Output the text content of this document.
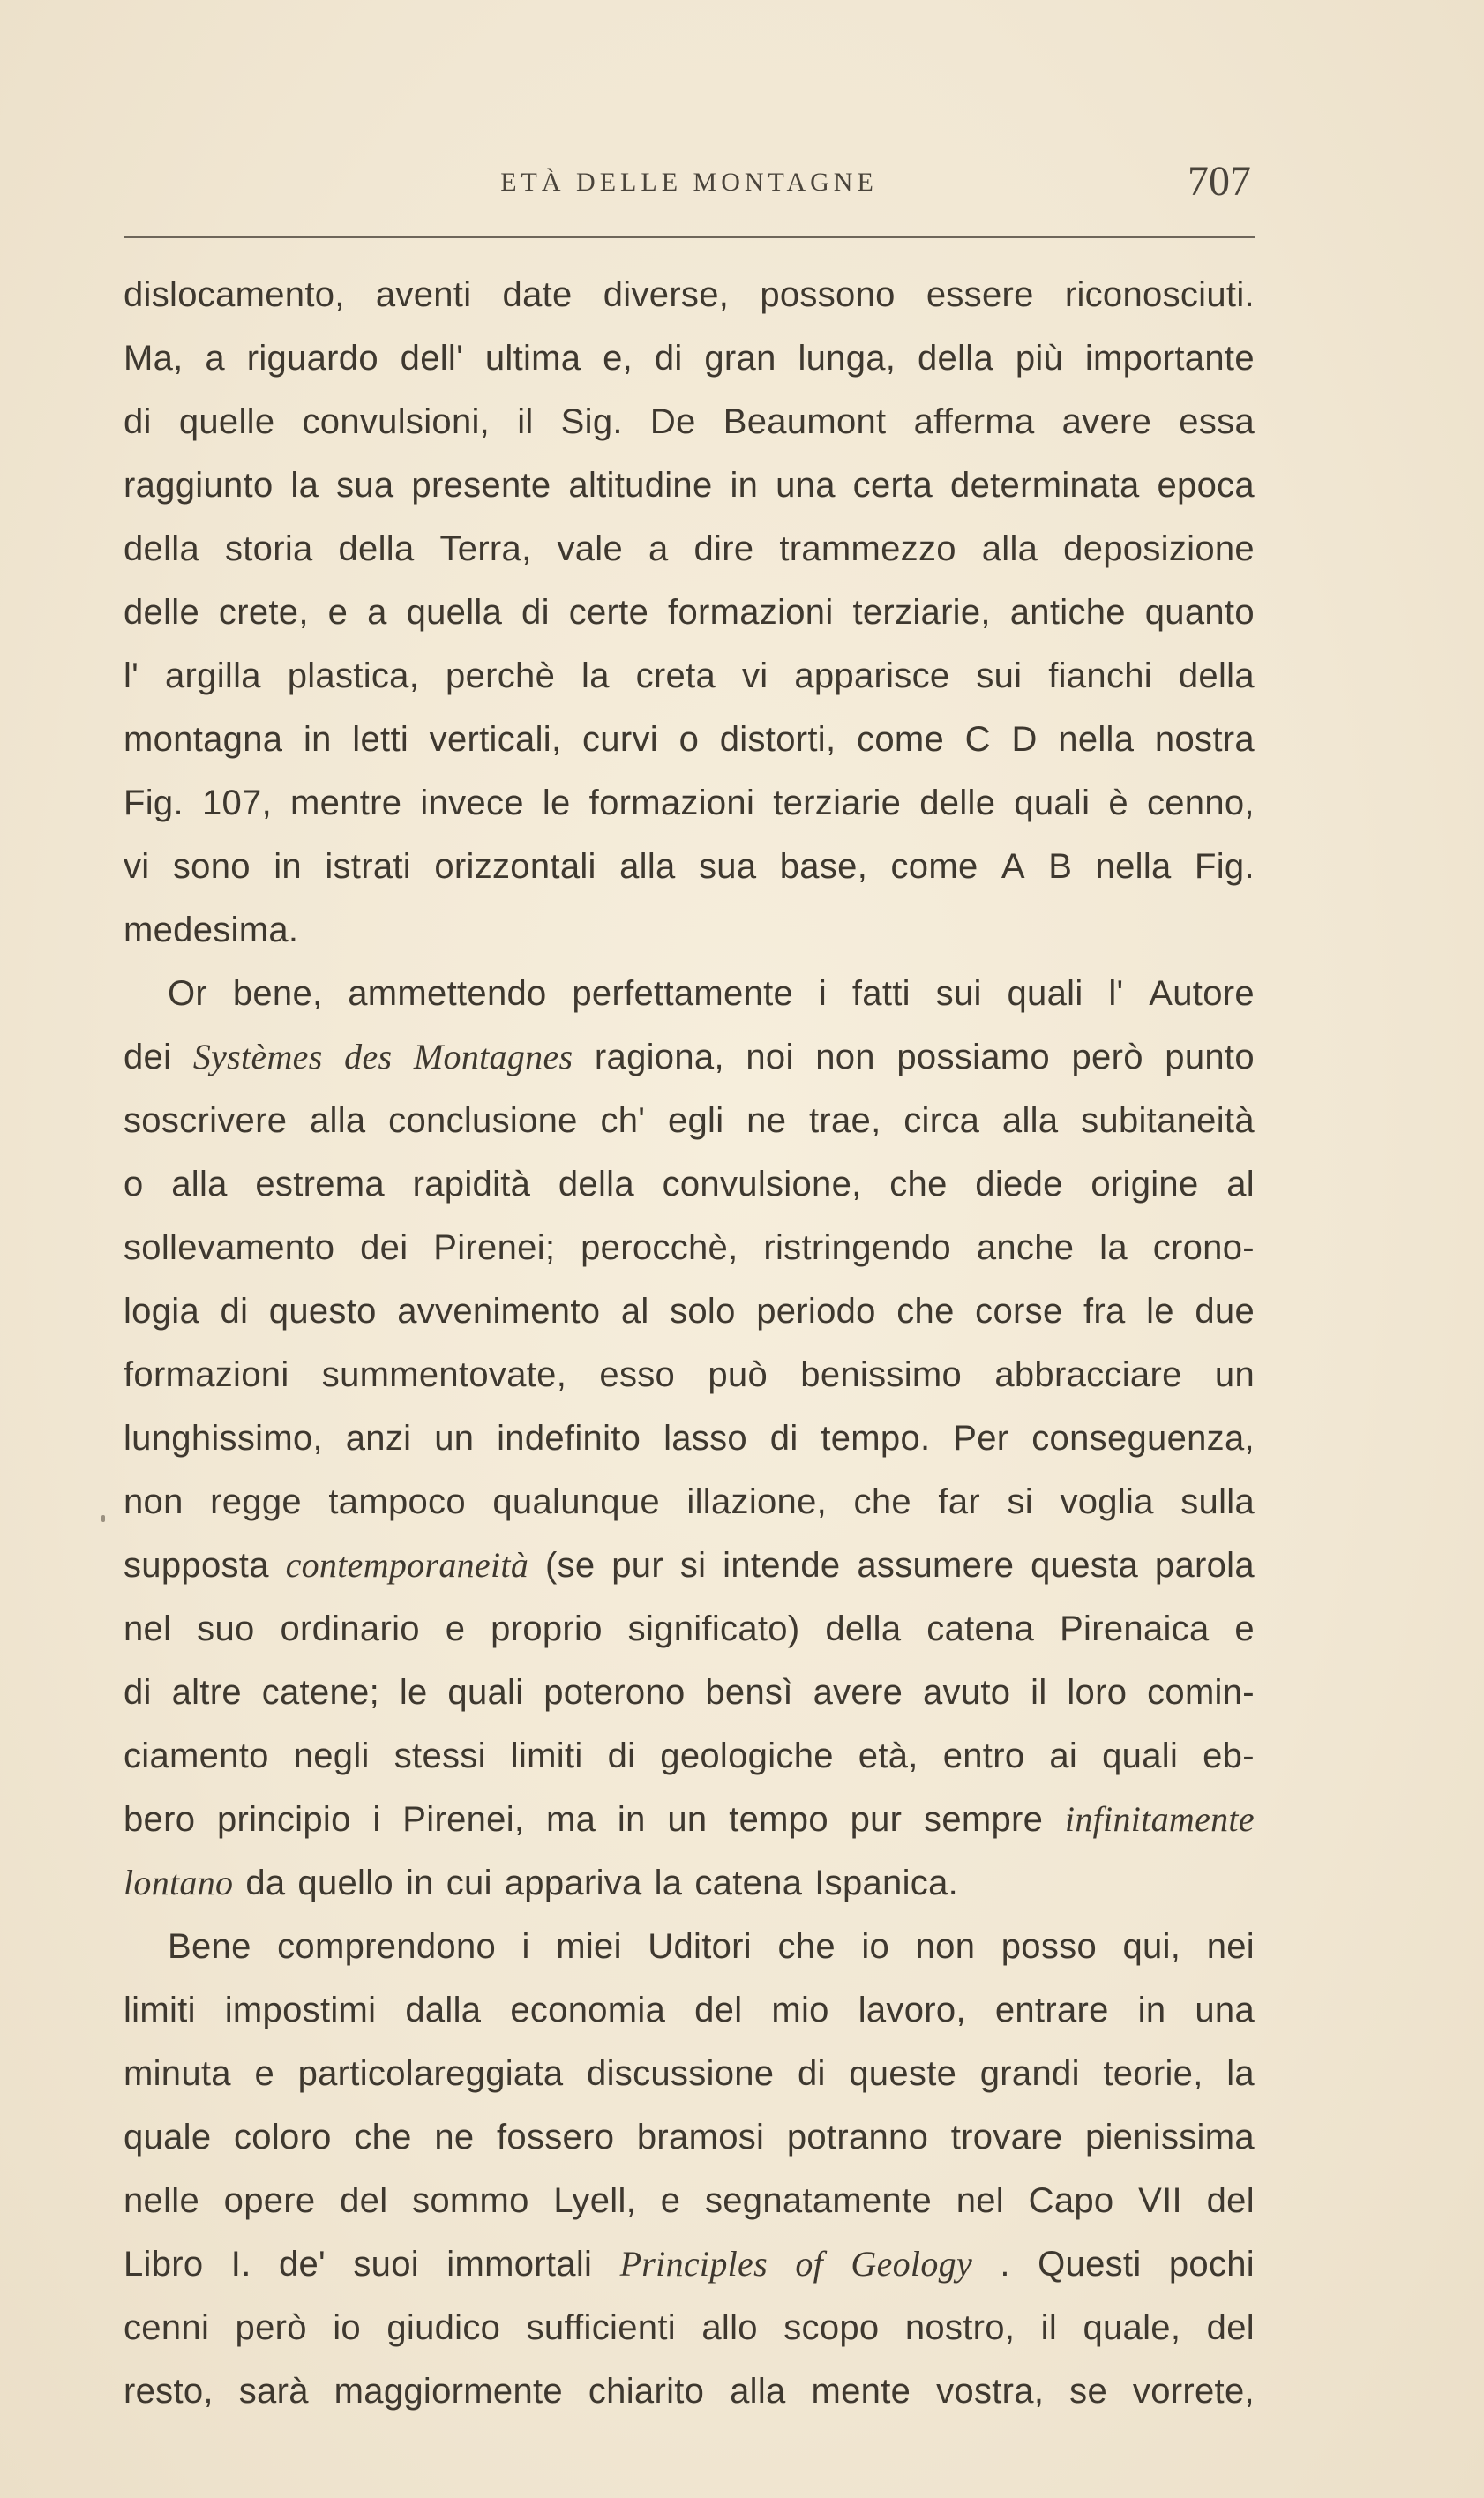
ETÀ DELLE MONTAGNE	707
dislocamento, aventi date diverse, possono essere riconosciuti.
Ma, a riguardo dell' ultima e, di gran lunga, della più importante
di quelle convulsioni, il Sig. De Beaumont afferma avere essa
raggiunto la sua presente altitudine in una certa determinata epoca
della storia della Terra, vale a dire trammezzo alla deposizione
delle crete, e a quella di certe formazioni terziarie, antiche quanto
l' argilla plastica, perchè la creta vi apparisce sui fianchi della
montagna in letti verticali, curvi o distorti, come C D nella nostra
Fig. 107, mentre invece le formazioni terziarie delle quali è cenno,
vi sono in istrati orizzontali alla sua base, come A B nella Fig.
medesima.
Or bene, ammettendo perfettamente i fatti sui quali l' Autore
dei Systèmes des Montagnes ragiona, noi non possiamo però punto
soscrivere alla conclusione ch' egli ne trae, circa alla subitaneità
o alla estrema rapidità della convulsione, che diede origine al
sollevamento dei Pirenei; perocchè, ristringendo anche la crono-
logia di questo avvenimento al solo periodo che corse fra le due
formazioni summentovate, esso può benissimo abbracciare un
lunghissimo, anzi un indefinito lasso di tempo. Per conseguenza,
non regge tampoco qualunque illazione, che far si voglia sulla
supposta contemporaneità (se pur si intende assumere questa parola
nel suo ordinario e proprio significato) della catena Pirenaica e
di altre catene; le quali poterono bensì avere avuto il loro comin-
ciamento negli stessi limiti di geologiche età, entro ai quali eb-
bero principio i Pirenei, ma in un tempo pur sempre infinitamente
lontano da quello in cui appariva la catena Ispanica.
Bene comprendono i miei Uditori che io non posso qui, nei
limiti impostimi dalla economia del mio lavoro, entrare in una
minuta e particolareggiata discussione di queste grandi teorie, la
quale coloro che ne fossero bramosi potranno trovare pienissima
nelle opere del sommo Lyell, e segnatamente nel Capo VII del
Libro I. de' suoi immortali Principles of Geology . Questi pochi
cenni però io giudico sufficienti allo scopo nostro, il quale, del
resto, sarà maggiormente chiarito alla mente vostra, se vorrete,
